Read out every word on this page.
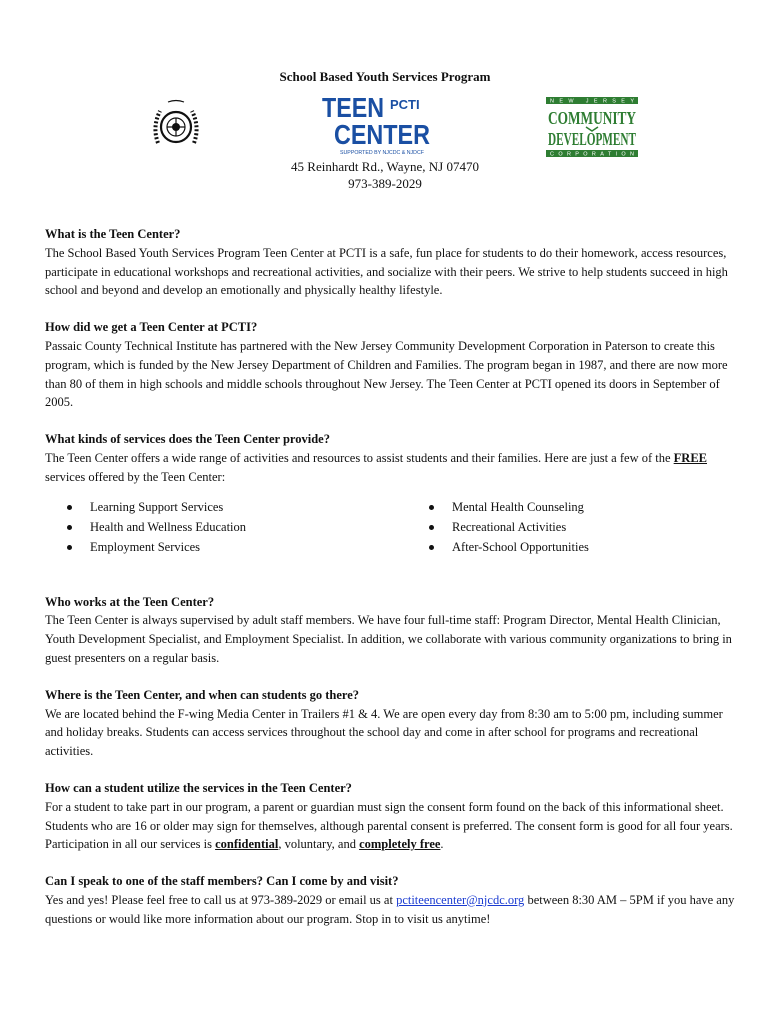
School Based Youth Services Program
TEEN PCTI
CENTER
SUPPORTED BY NJCDC & NJDCF
NEW JERSEY
COMMUNITY
DEVELOPMENT
CORPORATION
45 Reinhardt Rd., Wayne, NJ 07470
973-389-2029

What is the Teen Center?

The School Based Youth Services Program Teen Center at PCTI is a safe, fun place for students to do their homework, access resources, participate in educational workshops and recreational activities, and socialize with their peers. We strive to help students succeed in high school and beyond and develop an emotionally and physically healthy lifestyle.

How did we get a Teen Center at PCTI?

Passaic County Technical Institute has partnered with the New Jersey Community Development Corporation in Paterson to create this program, which is funded by the New Jersey Department of Children and Families. The program began in 1987, and there are now more than 80 of them in high schools and middle schools throughout New Jersey. The Teen Center at PCTI opened its doors in September of 2005.

What kinds of services does the Teen Center provide?

The Teen Center offers a wide range of activities and resources to assist students and their families. Here are just a few of the FREE services offered by the Teen Center:

Learning Support Services
Health and Wellness Education
Employment Services
Mental Health Counseling
Recreational Activities
After-School Opportunities

Who works at the Teen Center?

The Teen Center is always supervised by adult staff members. We have four full-time staff: Program Director, Mental Health Clinician, Youth Development Specialist, and Employment Specialist. In addition, we collaborate with various community organizations to bring in guest presenters on a regular basis.

Where is the Teen Center, and when can students go there?

We are located behind the F-wing Media Center in Trailers #1 & 4. We are open every day from 8:30 am to 5:00 pm, including summer and holiday breaks. Students can access services throughout the school day and come in after school for programs and recreational activities.

How can a student utilize the services in the Teen Center?

For a student to take part in our program, a parent or guardian must sign the consent form found on the back of this informational sheet. Students who are 16 or older may sign for themselves, although parental consent is preferred. The consent form is good for all four years. Participation in all our services is confidential, voluntary, and completely free.

Can I speak to one of the staff members? Can I come by and visit?

Yes and yes! Please feel free to call us at 973-389-2029 or email us at pctiteencenter@njcdc.org between 8:30 AM – 5PM if you have any questions or would like more information about our program. Stop in to visit us anytime!
